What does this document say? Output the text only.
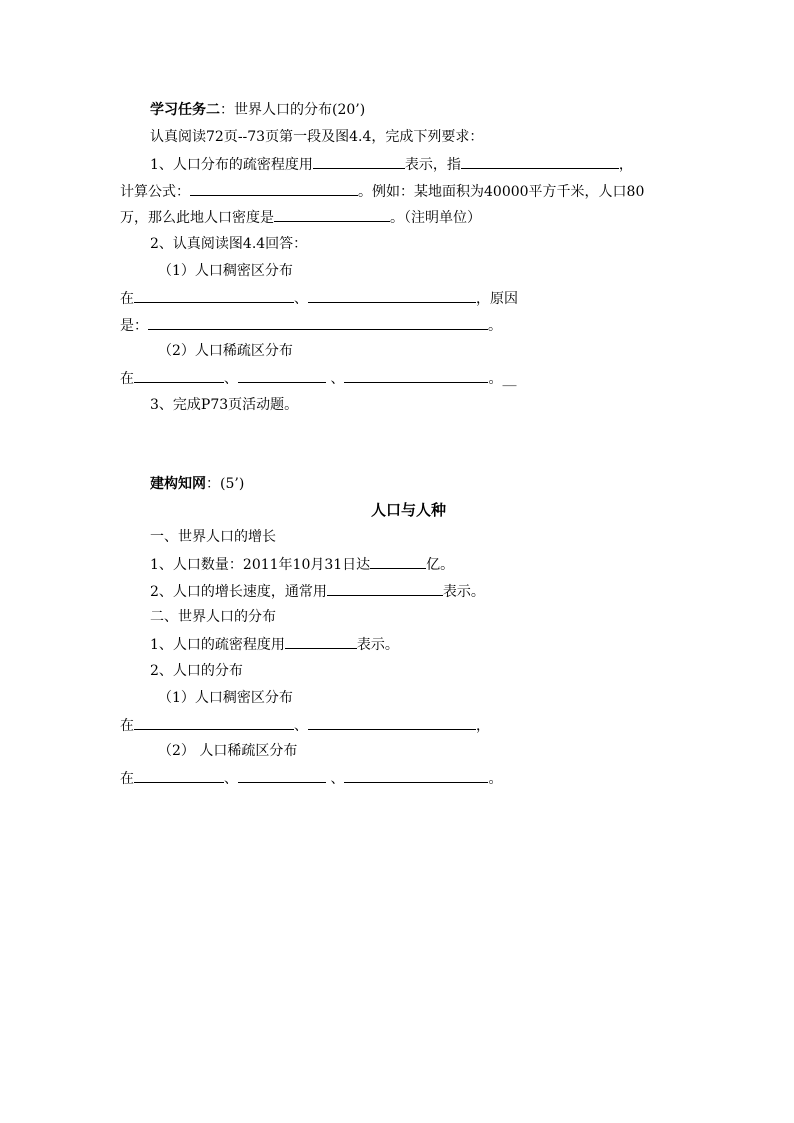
学习任务二：世界人口的分布(20’)
认真阅读72页--73页第一段及图4.4，完成下列要求：
1、人口分布的疏密程度用	表示，指	，
计算公式：	。例如：某地面积为40000平方千米，人口80
万，那么此地人口密度是	。（注明单位）
2、认真阅读图4.4回答：
（1）人口稠密区分布
在	、	，原因
是：	。
（2）人口稀疏区分布
在	、	、	。__
3、完成P73页活动题。
建构知网：(5’)
人口与人种
一、世界人口的增长
1、人口数量：2011年10月31日达	亿。
2、人口的增长速度，通常用	表示。
二、世界人口的分布
1、人口的疏密程度用	表示。
2、人口的分布
（1）人口稠密区分布
在	、	，
（2） 人口稀疏区分布
在	、	、	。
